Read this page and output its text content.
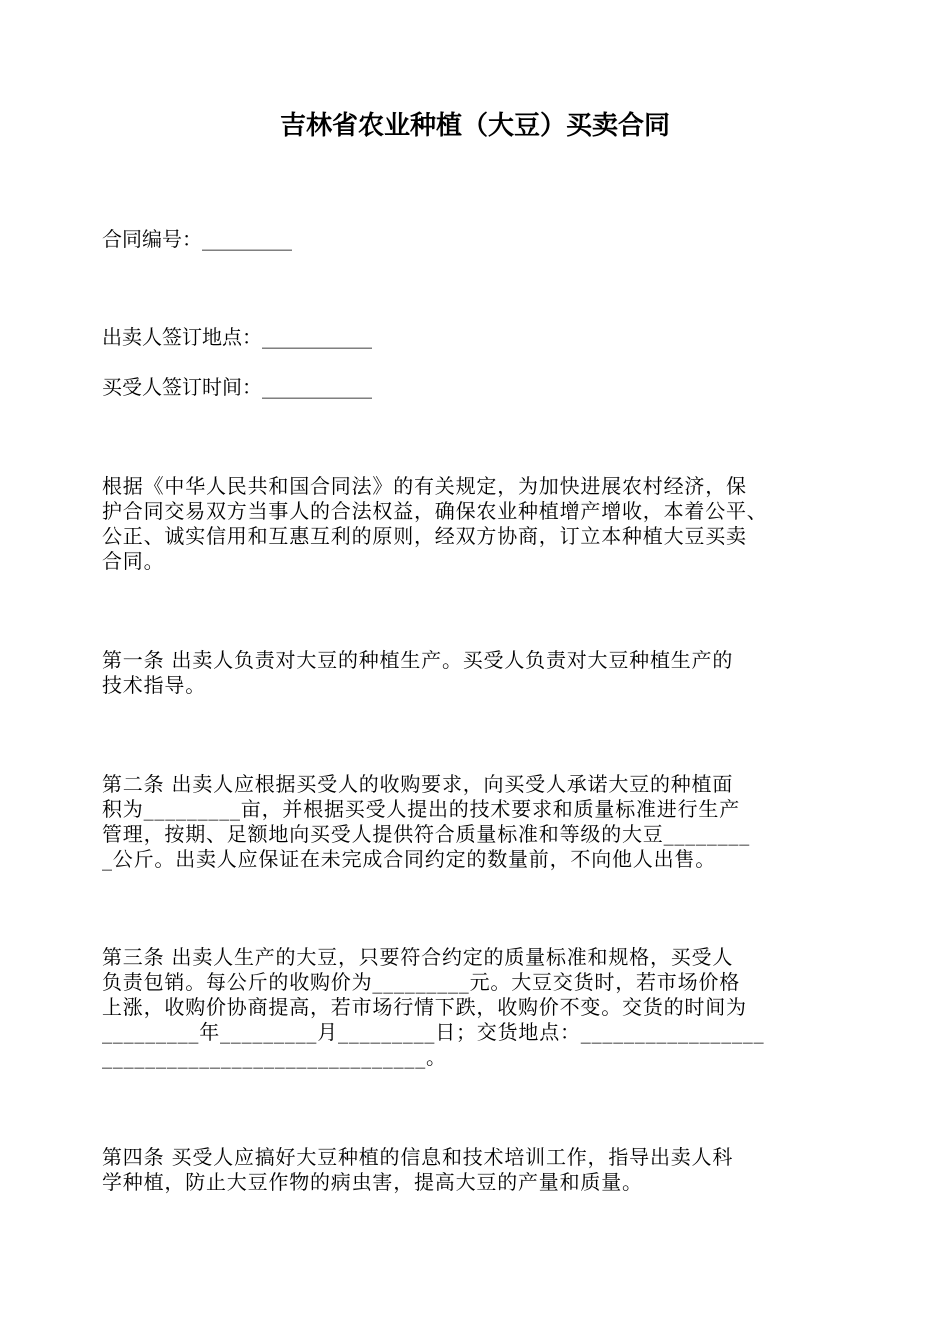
吉林省农业种植（大豆）买卖合同
合同编号：_________
出卖人签订地点：___________
买受人签订时间：___________
根据《中华人民共和国合同法》的有关规定，为加快进展农村经济，保
护合同交易双方当事人的合法权益，确保农业种植增产增收，本着公平、
公正、诚实信用和互惠互利的原则，经双方协商，订立本种植大豆买卖
合同。
第一条 出卖人负责对大豆的种植生产。买受人负责对大豆种植生产的
技术指导。
第二条 出卖人应根据买受人的收购要求，向买受人承诺大豆的种植面
积为_________亩，并根据买受人提出的技术要求和质量标准进行生产
管理，按期、足额地向买受人提供符合质量标准和等级的大豆________
_公斤。出卖人应保证在未完成合同约定的数量前，不向他人出售。
第三条 出卖人生产的大豆，只要符合约定的质量标准和规格，买受人
负责包销。每公斤的收购价为_________元。大豆交货时，若市场价格
上涨，收购价协商提高，若市场行情下跌，收购价不变。交货的时间为
_________年_________月_________日；交货地点：_________________
______________________________。
第四条 买受人应搞好大豆种植的信息和技术培训工作，指导出卖人科
学种植，防止大豆作物的病虫害，提高大豆的产量和质量。
